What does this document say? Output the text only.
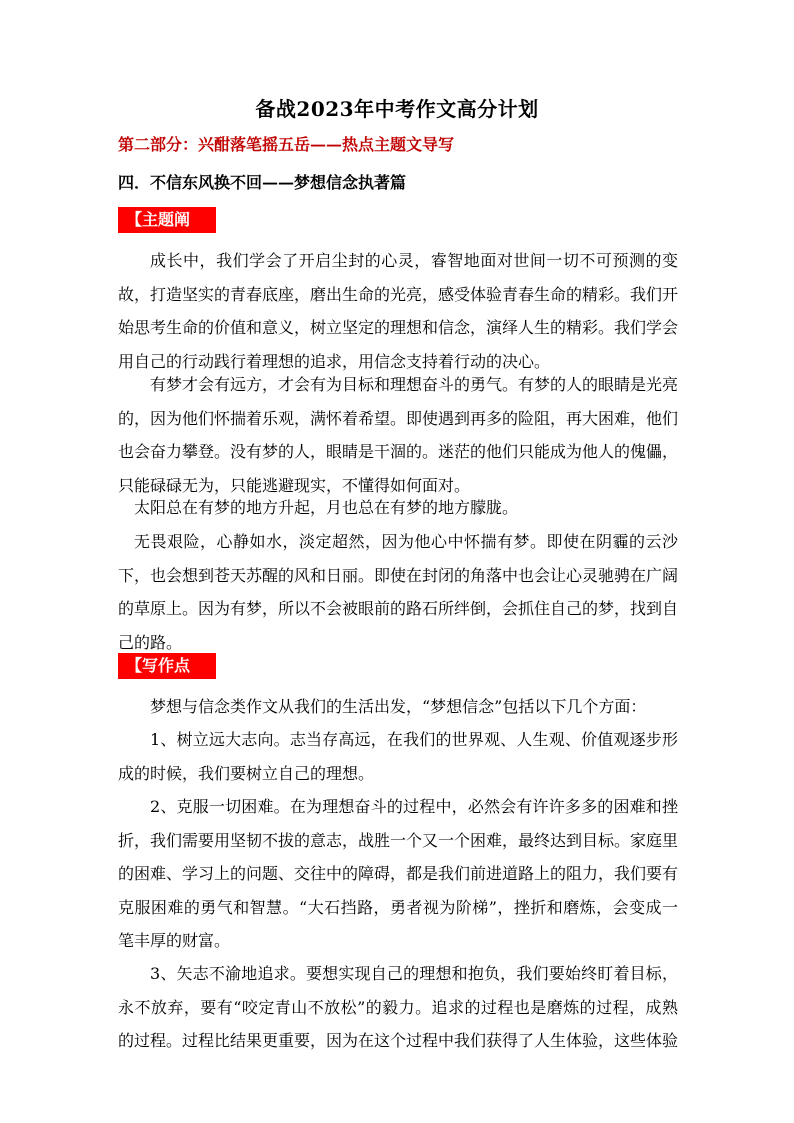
备战2023年中考作文高分计划
第二部分：兴酣落笔摇五岳——热点主题文导写
四．不信东风换不回——梦想信念执著篇
【主题阐述】

成长中，我们学会了开启尘封的心灵，睿智地面对世间一切不可预测的变故，打造坚实的青春底座，磨出生命的光亮，感受体验青春生命的精彩。我们开始思考生命的价值和意义，树立坚定的理想和信念，演绎人生的精彩。我们学会用自己的行动践行着理想的追求，用信念支持着行动的决心。

有梦才会有远方，才会有为目标和理想奋斗的勇气。有梦的人的眼睛是光亮的，因为他们怀揣着乐观，满怀着希望。即使遇到再多的险阻，再大困难，他们也会奋力攀登。没有梦的人，眼睛是干涸的。迷茫的他们只能成为他人的傀儡，只能碌碌无为，只能逃避现实，不懂得如何面对。

太阳总在有梦的地方升起，月也总在有梦的地方朦胧。

无畏艰险，心静如水，淡定超然，因为他心中怀揣有梦。即使在阴霾的云沙下，也会想到苍天苏醒的风和日丽。即使在封闭的角落中也会让心灵驰骋在广阔的草原上。因为有梦，所以不会被眼前的路石所绊倒，会抓住自己的梦，找到自己的路。

【写作点拨】

梦想与信念类作文从我们的生活出发，“梦想信念”包括以下几个方面：

1、树立远大志向。志当存高远，在我们的世界观、人生观、价值观逐步形成的时候，我们要树立自己的理想。

2、克服一切困难。在为理想奋斗的过程中，必然会有许许多多的困难和挫折，我们需要用坚韧不拔的意志，战胜一个又一个困难，最终达到目标。家庭里的困难、学习上的问题、交往中的障碍，都是我们前进道路上的阻力，我们要有克服困难的勇气和智慧。“大石挡路，勇者视为阶梯”，挫折和磨炼，会变成一笔丰厚的财富。

3、矢志不渝地追求。要想实现自己的理想和抱负，我们要始终盯着目标，永不放弃，要有“咬定青山不放松”的毅力。追求的过程也是磨炼的过程，成熟的过程。过程比结果更重要，因为在这个过程中我们获得了人生体验，这些体验
